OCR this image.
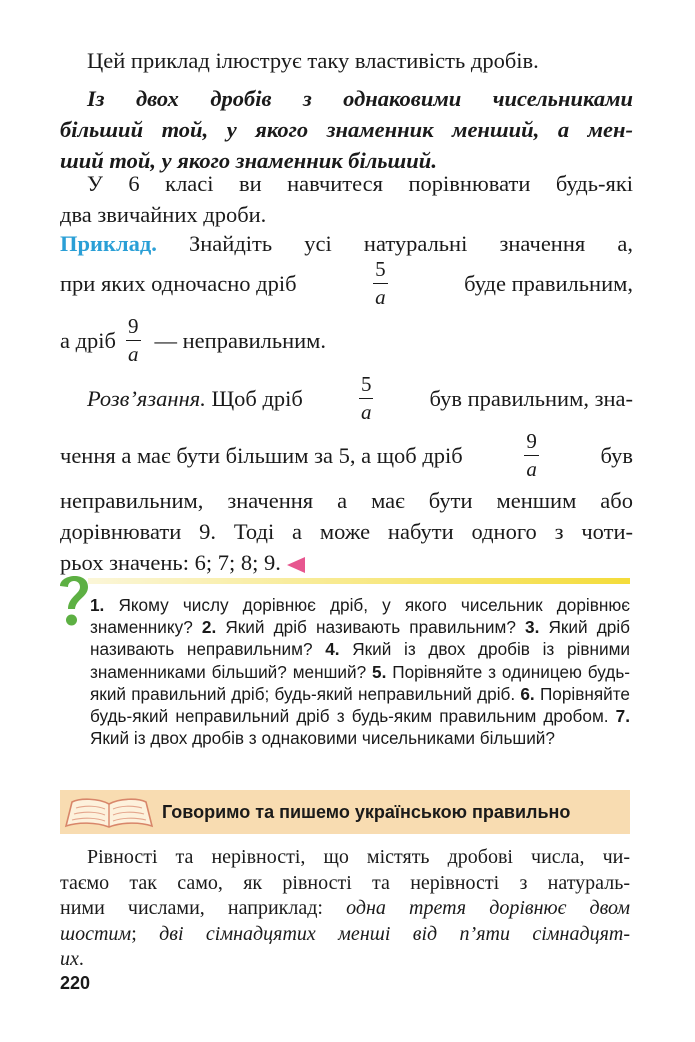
Цей приклад ілюструє таку властивість дробів.
Із двох дробів з однаковими чисельниками
більший той, у якого знаменник менший, а мен-
ший той, у якого знаменник більший.
У 6 класі ви навчитеся порівнювати будь-які
два звичайних дроби.
Приклад. Знайдіть усі натуральні значення a,
при яких одночасно дріб	$\frac{5}{a}$	буде правильним,
а дріб $\frac{9}{a}$ — неправильним.
Розв’язання. Щоб дріб	$\frac{5}{a}$ був правильним, зна-
чення a має бути більшим за 5, а щоб дріб	$\frac{9}{a}$	був
неправильним, значення a має бути меншим або
дорівнювати 9. Тоді a може набути одного з чоти-
рьох значень: 6; 7; 8; 9.
1. Якому числу дорівнює дріб, у якого чисельник дорівнює знаменнику? 2. Який дріб називають правильним? 3. Який дріб називають неправильним? 4. Який із двох дробів із рівними знаменниками більший? менший? 5. Порівняйте з одиницею будь-який правильний дріб; будь-який неправильний дріб. 6. Порівняйте будь-який неправильний дріб з будь-яким правильним дробом. 7. Який із двох дробів з однаковими чисельниками більший?
Говоримо та пишемо українською правильно
Рівності та нерівності, що містять дробові числа, чи-
таємо так само, як рівності та нерівності з натураль-
ними числами, наприклад: одна третя дорівнює двом
шостим; дві сімнадцятих менші від п’яти сімнадцят-
их.
220
